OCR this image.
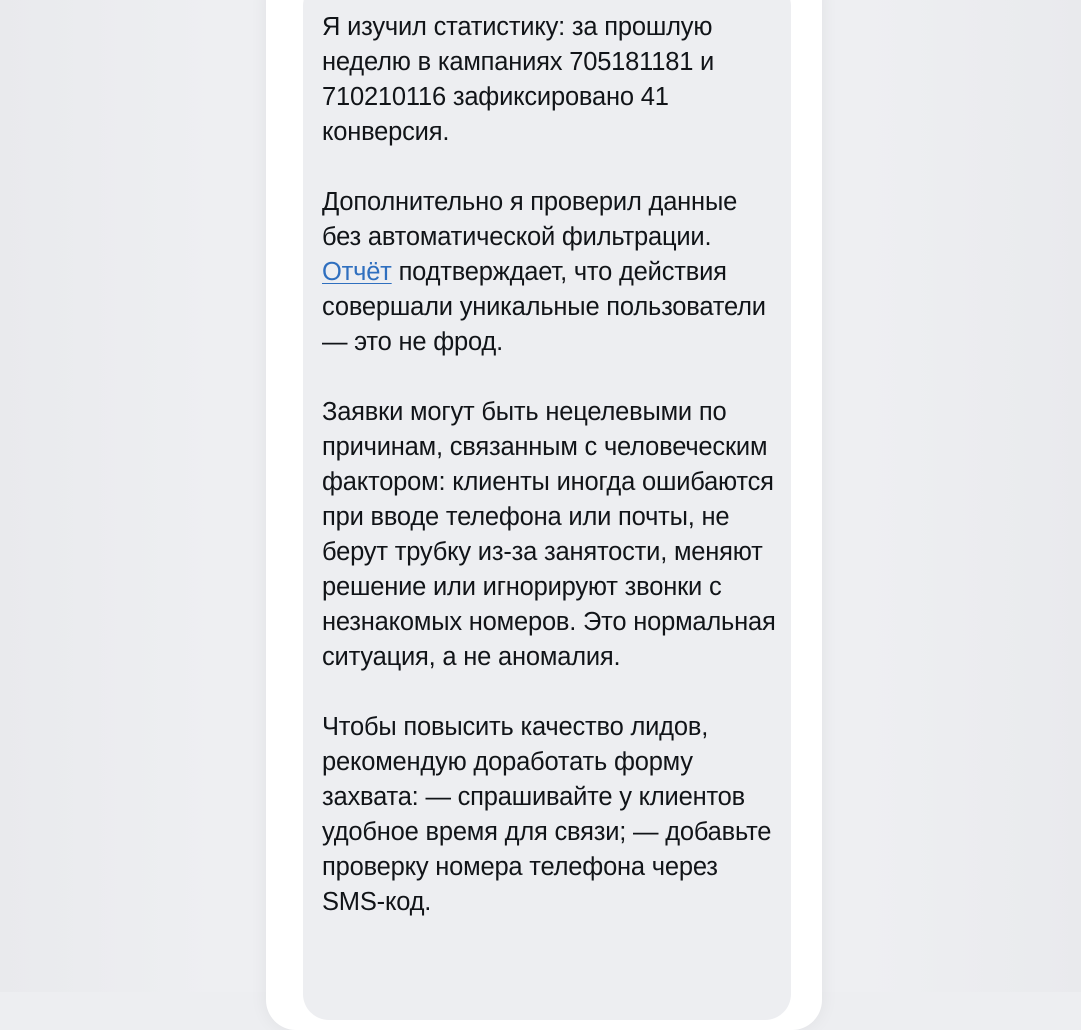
Я изучил статистику: за прошлую неделю в кампаниях 705181181 и 710210116 зафиксировано 41 конверсия.

Дополнительно я проверил данные без автоматической фильтрации.
Отчёт подтверждает, что действия совершали уникальные пользователи — это не фрод.

Заявки могут быть нецелевыми по причинам, связанным с человеческим фактором: клиенты иногда ошибаются при вводе телефона или почты, не берут трубку из-за занятости, меняют решение или игнорируют звонки с незнакомых номеров. Это нормальная ситуация, а не аномалия.

Чтобы повысить качество лидов, рекомендую доработать форму захвата: — спрашивайте у клиентов удобное время для связи; — добавьте проверку номера телефона через SMS-код.
